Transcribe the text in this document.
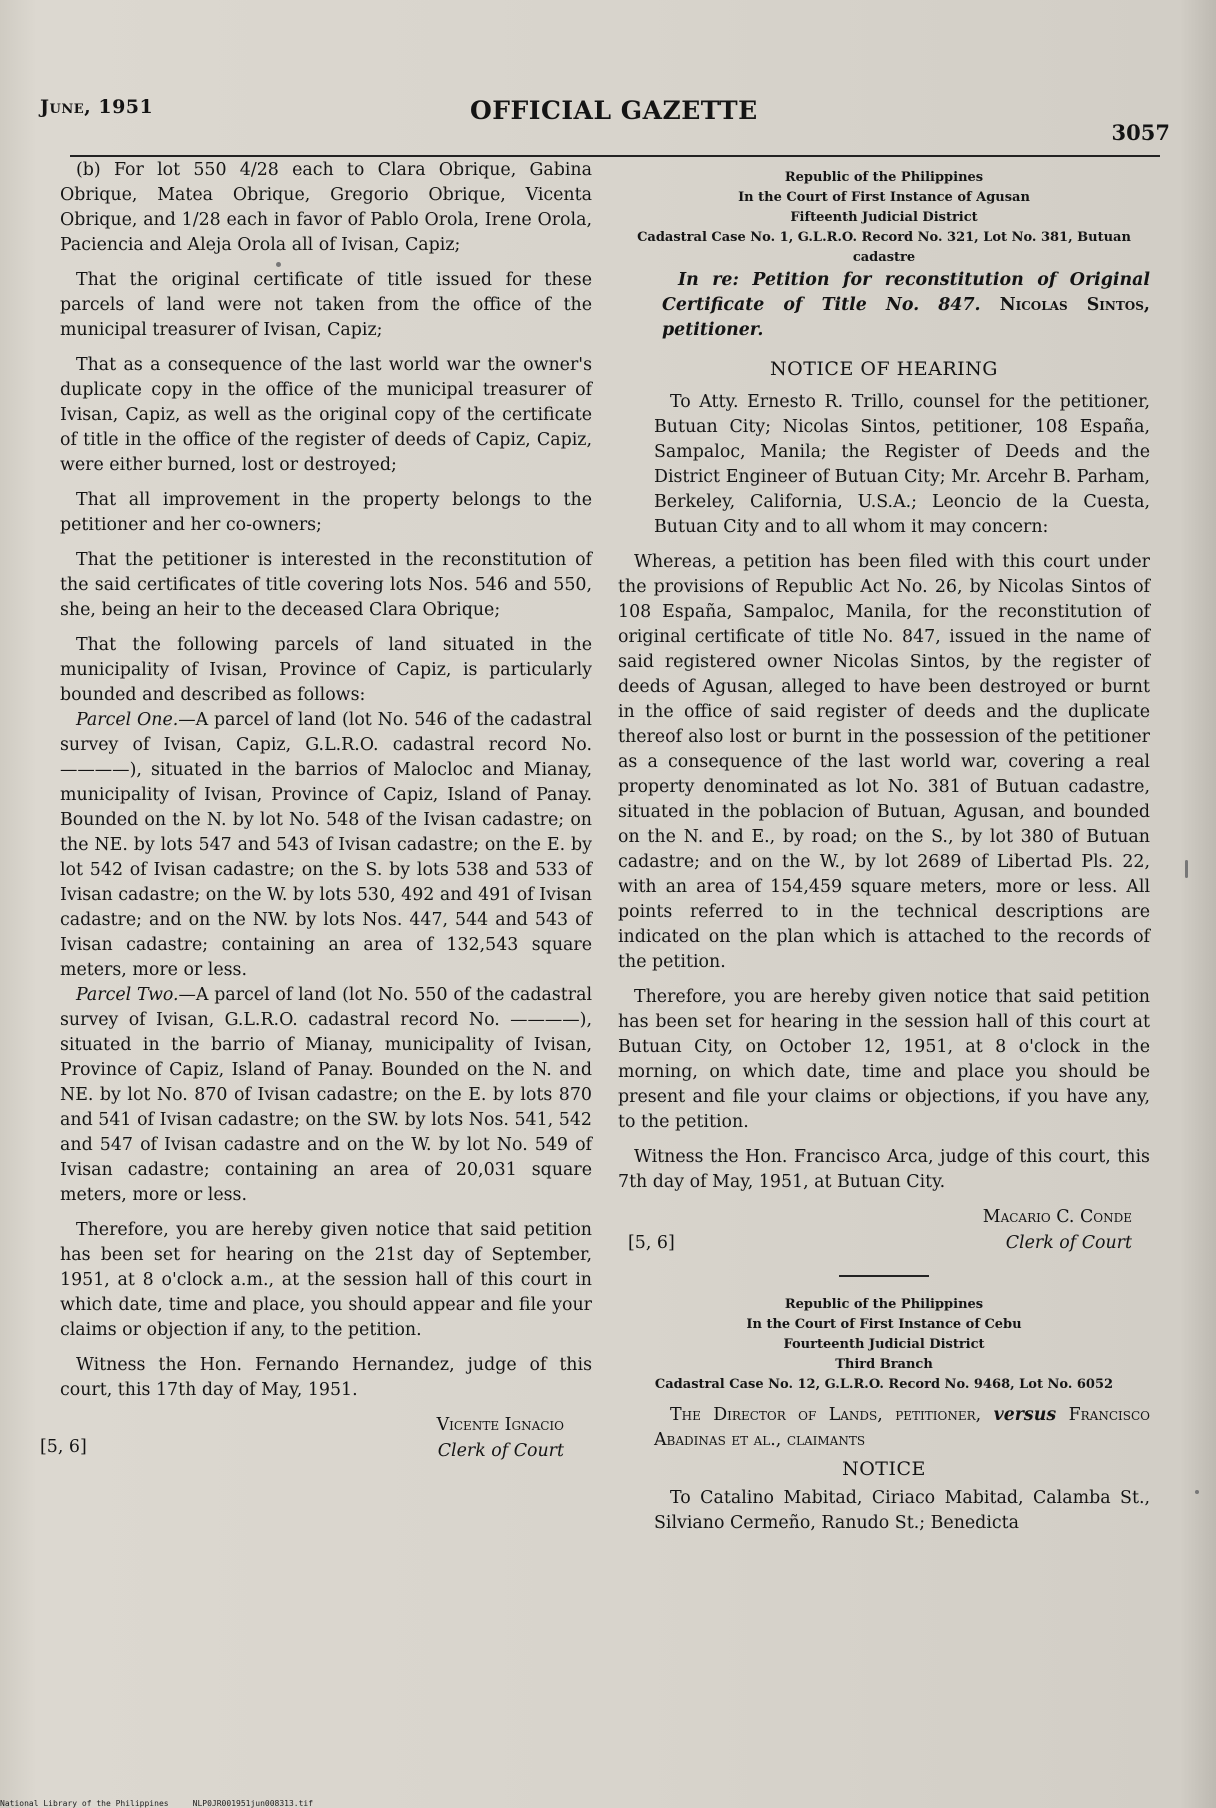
June, 1951	OFFICIAL GAZETTE
3057

(b) For lot 550 4/28 each to Clara Obrique, Gabina Obrique, Matea Obrique, Gregorio Obrique, Vicenta Obrique, and 1/28 each in favor of Pablo Orola, Irene Orola, Paciencia and Aleja Orola all of Ivisan, Capiz;

That the original certificate of title issued for these parcels of land were not taken from the office of the municipal treasurer of Ivisan, Capiz;

That as a consequence of the last world war the owner's duplicate copy in the office of the municipal treasurer of Ivisan, Capiz, as well as the original copy of the certificate of title in the office of the register of deeds of Capiz, Capiz, were either burned, lost or destroyed;

That all improvement in the property belongs to the petitioner and her co-owners;

That the petitioner is interested in the reconstitution of the said certificates of title covering lots Nos. 546 and 550, she, being an heir to the deceased Clara Obrique;

That the following parcels of land situated in the municipality of Ivisan, Province of Capiz, is particularly bounded and described as follows:

Parcel One.—A parcel of land (lot No. 546 of the cadastral survey of Ivisan, Capiz, G.L.R.O. cadastral record No. ————), situated in the barrios of Malocloc and Mianay, municipality of Ivisan, Province of Capiz, Island of Panay. Bounded on the N. by lot No. 548 of the Ivisan cadastre; on the NE. by lots 547 and 543 of Ivisan cadastre; on the E. by lot 542 of Ivisan cadastre; on the S. by lots 538 and 533 of Ivisan cadastre; on the W. by lots 530, 492 and 491 of Ivisan cadastre; and on the NW. by lots Nos. 447, 544 and 543 of Ivisan cadastre; containing an area of 132,543 square meters, more or less.

Parcel Two.—A parcel of land (lot No. 550 of the cadastral survey of Ivisan, G.L.R.O. cadastral record No. ————), situated in the barrio of Mianay, municipality of Ivisan, Province of Capiz, Island of Panay. Bounded on the N. and NE. by lot No. 870 of Ivisan cadastre; on the E. by lots 870 and 541 of Ivisan cadastre; on the SW. by lots Nos. 541, 542 and 547 of Ivisan cadastre and on the W. by lot No. 549 of Ivisan cadastre; containing an area of 20,031 square meters, more or less.

Therefore, you are hereby given notice that said petition has been set for hearing on the 21st day of September, 1951, at 8 o'clock a.m., at the session hall of this court in which date, time and place, you should appear and file your claims or objection if any, to the petition.

Witness the Hon. Fernando Hernandez, judge of this court, this 17th day of May, 1951.

Vicente Ignacio
Clerk of Court
[5, 6]
Republic of the Philippines
In the Court of First Instance of Agusan
Fifteenth Judicial District
Cadastral Case No. 1, G.L.R.O. Record No. 321, Lot No. 381, Butuan cadastre

In re: Petition for reconstitution of Original Certificate of Title No. 847. Nicolas Sintos, petitioner.

NOTICE OF HEARING

To Atty. Ernesto R. Trillo, counsel for the petitioner, Butuan City; Nicolas Sintos, petitioner, 108 España, Sampaloc, Manila; the Register of Deeds and the District Engineer of Butuan City; Mr. Arcehr B. Parham, Berkeley, California, U.S.A.; Leoncio de la Cuesta, Butuan City and to all whom it may concern:

Whereas, a petition has been filed with this court under the provisions of Republic Act No. 26, by Nicolas Sintos of 108 España, Sampaloc, Manila, for the reconstitution of original certificate of title No. 847, issued in the name of said registered owner Nicolas Sintos, by the register of deeds of Agusan, alleged to have been destroyed or burnt in the office of said register of deeds and the duplicate thereof also lost or burnt in the possession of the petitioner as a consequence of the last world war, covering a real property denominated as lot No. 381 of Butuan cadastre, situated in the poblacion of Butuan, Agusan, and bounded on the N. and E., by road; on the S., by lot 380 of Butuan cadastre; and on the W., by lot 2689 of Libertad Pls. 22, with an area of 154,459 square meters, more or less. All points referred to in the technical descriptions are indicated on the plan which is attached to the records of the petition.

Therefore, you are hereby given notice that said petition has been set for hearing in the session hall of this court at Butuan City, on October 12, 1951, at 8 o'clock in the morning, on which date, time and place you should be present and file your claims or objections, if you have any, to the petition.

Witness the Hon. Francisco Arca, judge of this court, this 7th day of May, 1951, at Butuan City.

Macario C. Conde
Clerk of Court
[5, 6]
Republic of the Philippines
In the Court of First Instance of Cebu
Fourteenth Judicial District
Third Branch
Cadastral Case No. 12, G.L.R.O. Record No. 9468, Lot No. 6052

The Director of Lands, petitioner, versus Francisco Abadinas et al., claimants

NOTICE

To Catalino Mabitad, Ciriaco Mabitad, Calamba St., Silviano Cermeño, Ranudo St.; Benedicta

National Library of the Philippines     NLP0JR001951jun008313.tif
